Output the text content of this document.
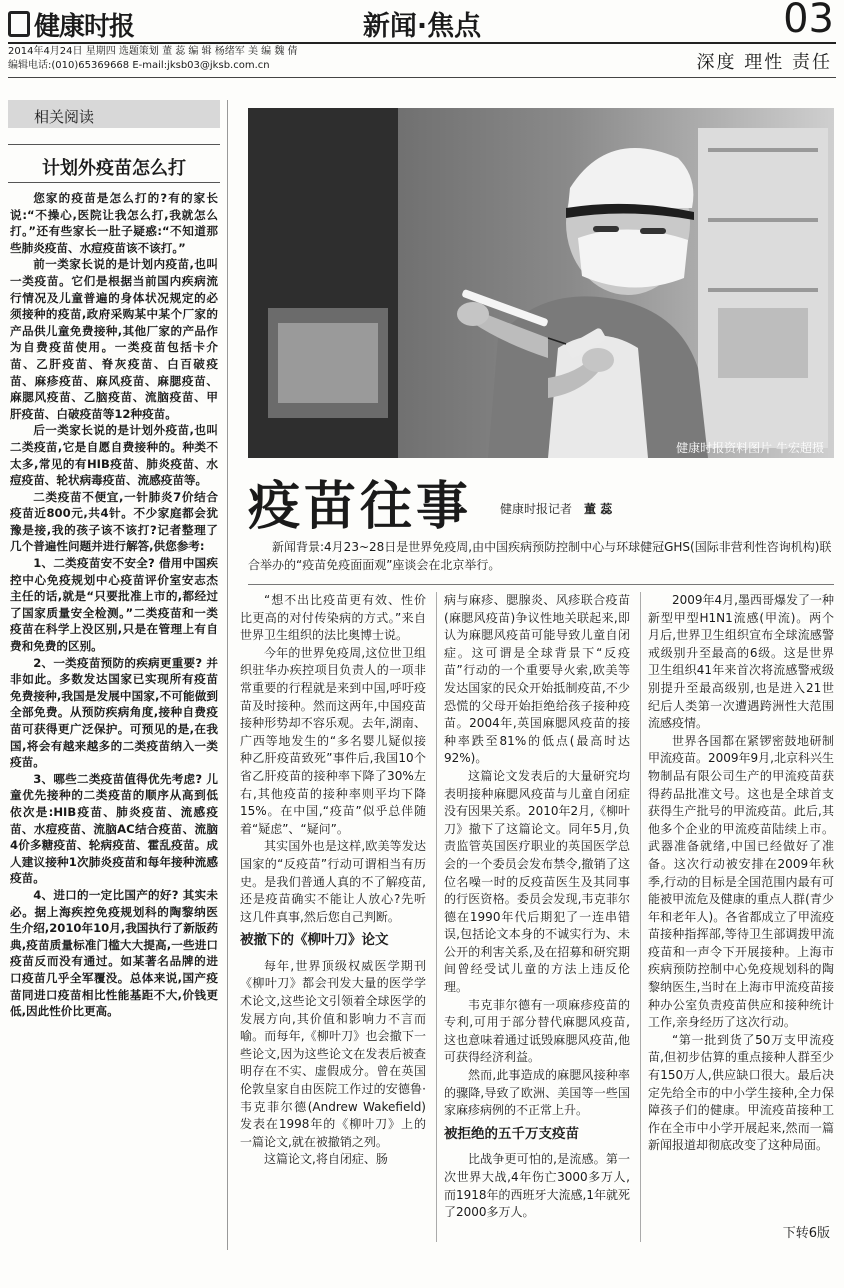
健康时报	新闻·焦点	03
2014年4月24日 星期四 选题策划 董 蕊 编 辑 杨绪军 美 编 魏 倩
编辑电话:(010)65369668 E-mail:jksb03@jksb.com.cn	深度 理性 责任
相关阅读
计划外疫苗怎么打

您家的疫苗是怎么打的?有的家长说:“不操心,医院让我怎么打,我就怎么打。”还有些家长一肚子疑惑:“不知道那些肺炎疫苗、水痘疫苗该不该打。”

前一类家长说的是计划内疫苗,也叫一类疫苗。它们是根据当前国内疾病流行情况及儿童普遍的身体状况规定的必须接种的疫苗,政府采购某中某个厂家的产品供儿童免费接种,其他厂家的产品作为自费疫苗使用。一类疫苗包括卡介苗、乙肝疫苗、脊灰疫苗、白百破疫苗、麻疹疫苗、麻风疫苗、麻腮疫苗、麻腮风疫苗、乙脑疫苗、流脑疫苗、甲肝疫苗、白破疫苗等12种疫苗。

后一类家长说的是计划外疫苗,也叫二类疫苗,它是自愿自费接种的。种类不太多,常见的有HIB疫苗、肺炎疫苗、水痘疫苗、轮状病毒疫苗、流感疫苗等。

二类疫苗不便宜,一针肺炎7价结合疫苗近800元,共4针。不少家庭都会犹豫是接,我的孩子该不该打?记者整理了几个普遍性问题并进行解答,供您参考:

1、二类疫苗安不安全? 借用中国疾控中心免疫规划中心疫苗评价室安志杰主任的话,就是“只要批准上市的,都经过了国家质量安全检测。”二类疫苗和一类疫苗在科学上没区别,只是在管理上有自费和免费的区别。

2、一类疫苗预防的疾病更重要? 并非如此。多数发达国家已实现所有疫苗免费接种,我国是发展中国家,不可能做到全部免费。从预防疾病角度,接种自费疫苗可获得更广泛保护。可预见的是,在我国,将会有越来越多的二类疫苗纳入一类疫苗。

3、哪些二类疫苗值得优先考虑? 儿童优先接种的二类疫苗的顺序从高到低依次是:HIB疫苗、肺炎疫苗、流感疫苗、水痘疫苗、流脑AC结合疫苗、流脑4价多糖疫苗、轮病疫苗、霍乱疫苗。成人建议接种1次肺炎疫苗和每年接种流感疫苗。

4、进口的一定比国产的好? 其实未必。据上海疾控免疫规划科的陶黎纳医生介绍,2010年10月,我国执行了新版药典,疫苗质量标准门槛大大提高,一些进口疫苗反而没有通过。如某著名品牌的进口疫苗几乎全军覆没。总体来说,国产疫苗同进口疫苗相比性能基距不大,价钱更低,因此性价比更高。

健康时报资料图片 牛宏超摄
疫苗往事 健康时报记者 董 蕊
新闻背景:4月23~28日是世界免疫周,由中国疾病预防控制中心与环球健冠GHS(国际非营利性咨询机构)联合举办的“疫苗免疫面面观”座谈会在北京举行。

“想不出比疫苗更有效、性价比更高的对付传染病的方式。”来自世界卫生组织的法比奥博士说。

今年的世界免疫周,这位世卫组织驻华办疾控项目负责人的一项非常重要的行程就是来到中国,呼吁疫苗及时接种。然而这两年,中国疫苗接种形势却不容乐观。去年,湖南、广西等地发生的“多名婴儿疑似接种乙肝疫苗致死”事件后,我国10个省乙肝疫苗的接种率下降了30%左右,其他疫苗的接种率则平均下降15%。在中国,“疫苗”似乎总伴随着“疑虑”、“疑问”。

其实国外也是这样,欧美等发达国家的“反疫苗”行动可谓相当有历史。是我们普通人真的不了解疫苗,还是疫苗确实不能让人放心?先听这几件真事,然后您自己判断。

被撤下的《柳叶刀》论文

每年,世界顶级权威医学期刊《柳叶刀》都会刊发大量的医学学术论文,这些论文引领着全球医学的发展方向,其价值和影响力不言而喻。而每年,《柳叶刀》也会撤下一些论文,因为这些论文在发表后被查明存在不实、虚假成分。曾在英国伦敦皇家自由医院工作过的安德鲁·韦克菲尔德(Andrew Wakefield)发表在1998年的《柳叶刀》上的一篇论文,就在被撤销之列。

这篇论文,将自闭症、肠

病与麻疹、腮腺炎、风疹联合疫苗(麻腮风疫苗)争议性地关联起来,即认为麻腮风疫苗可能导致儿童自闭症。这可谓是全球背景下“反疫苗”行动的一个重要导火索,欧美等发达国家的民众开始抵制疫苗,不少恐慌的父母开始拒绝给孩子接种疫苗。2004年,英国麻腮风疫苗的接种率跌至81%的低点(最高时达92%)。

这篇论文发表后的大量研究均表明接种麻腮风疫苗与儿童自闭症没有因果关系。2010年2月,《柳叶刀》撤下了这篇论文。同年5月,负责监管英国医疗职业的英国医学总会的一个委员会发布禁令,撤销了这位名噪一时的反疫苗医生及其同事的行医资格。委员会发现,韦克菲尔德在1990年代后期犯了一连串错误,包括论文本身的不诚实行为、未公开的利害关系,及在招募和研究期间曾经受试儿童的方法上违反伦理。

韦克菲尔德有一项麻疹疫苗的专利,可用于部分替代麻腮风疫苗,这也意味着通过诋毁麻腮风疫苗,他可获得经济利益。

然而,此事造成的麻腮风接种率的骤降,导致了欧洲、美国等一些国家麻疹病例的不正常上升。

被拒绝的五千万支疫苗

比战争更可怕的,是流感。第一次世界大战,4年伤亡3000多万人,而1918年的西班牙大流感,1年就死了2000多万人。

2009年4月,墨西哥爆发了一种新型甲型H1N1流感(甲流)。两个月后,世界卫生组织宣布全球流感警戒级别升至最高的6级。这是世界卫生组织41年来首次将流感警戒级别提升至最高级别,也是进入21世纪后人类第一次遭遇跨洲性大范围流感疫情。

世界各国都在紧锣密鼓地研制甲流疫苗。2009年9月,北京科兴生物制品有限公司生产的甲流疫苗获得药品批准文号。这也是全球首支获得生产批号的甲流疫苗。此后,其他多个企业的甲流疫苗陆续上市。武器准备就绪,中国已经做好了准备。这次行动被安排在2009年秋季,行动的目标是全国范围内最有可能被甲流危及健康的重点人群(青少年和老年人)。各省都成立了甲流疫苗接种指挥部,等待卫生部调拨甲流疫苗和一声令下开展接种。上海市疾病预防控制中心免疫规划科的陶黎纳医生,当时在上海市甲流疫苗接种办公室负责疫苗供应和接种统计工作,亲身经历了这次行动。

“第一批到货了50万支甲流疫苗,但初步估算的重点接种人群至少有150万人,供应缺口很大。最后决定先给全市的中小学生接种,全力保障孩子们的健康。甲流疫苗接种工作在全市中小学开展起来,然而一篇新闻报道却彻底改变了这种局面。

下转6版
